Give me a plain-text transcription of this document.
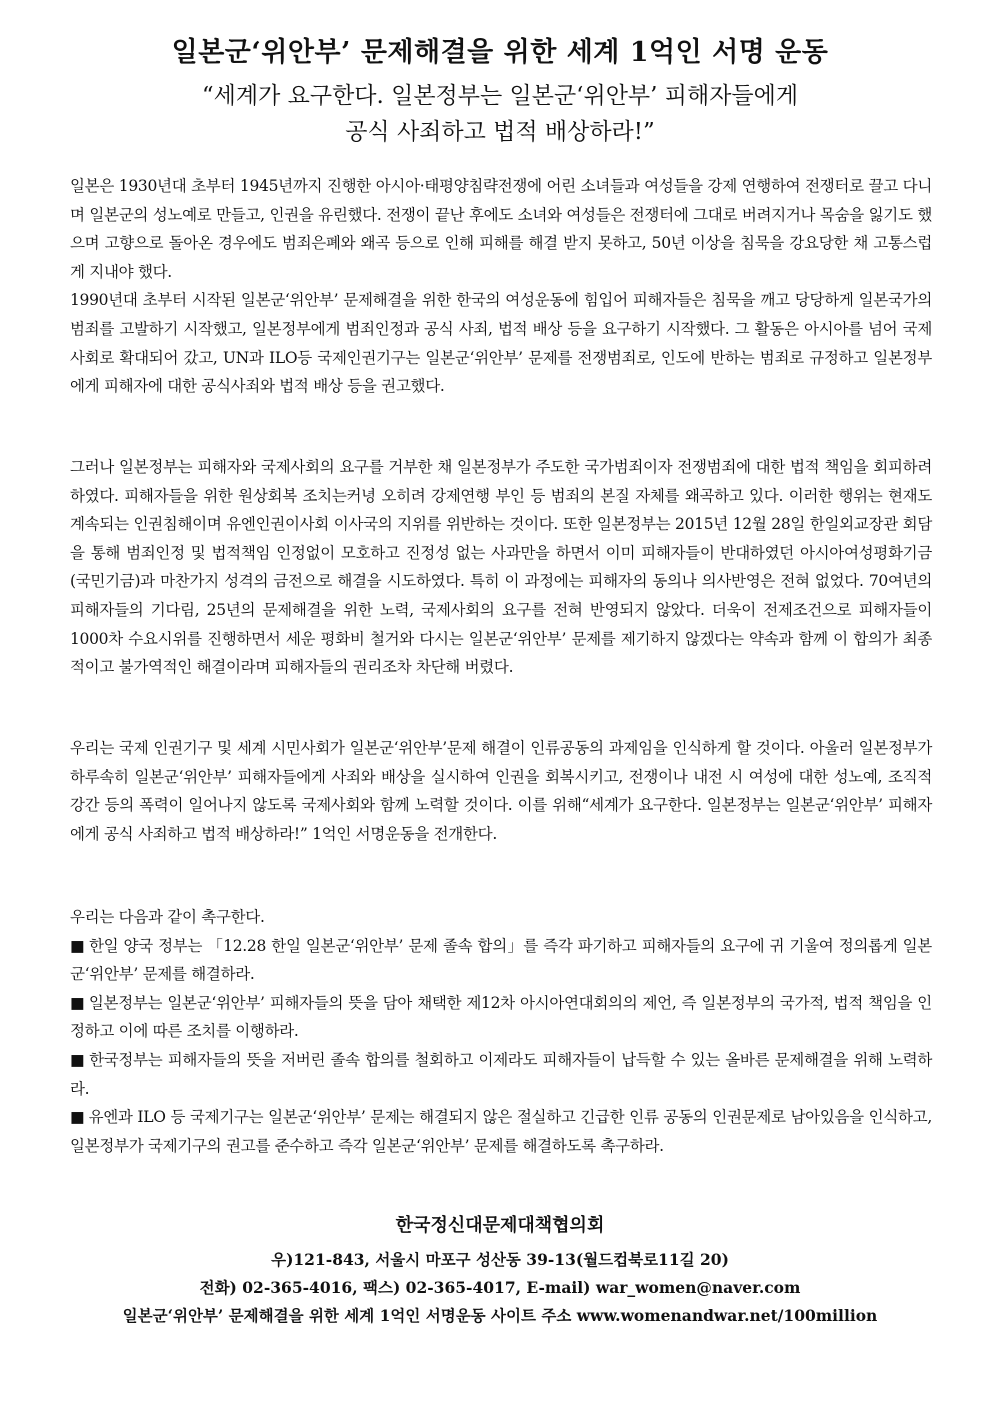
일본군‘위안부’ 문제해결을 위한 세계 1억인 서명 운동
“세계가 요구한다. 일본정부는 일본군‘위안부’ 피해자들에게
공식 사죄하고 법적 배상하라!”

일본은 1930년대 초부터 1945년까지 진행한 아시아·태평양침략전쟁에 어린 소녀들과 여성들을 강제 연행하여 전쟁터로 끌고 다니며 일본군의 성노예로 만들고, 인권을 유린했다. 전쟁이 끝난 후에도 소녀와 여성들은 전쟁터에 그대로 버려지거나 목숨을 잃기도 했으며 고향으로 돌아온 경우에도 범죄은폐와 왜곡 등으로 인해 피해를 해결 받지 못하고, 50년 이상을 침묵을 강요당한 채 고통스럽게 지내야 했다.

1990년대 초부터 시작된 일본군‘위안부’ 문제해결을 위한 한국의 여성운동에 힘입어 피해자들은 침묵을 깨고 당당하게 일본국가의 범죄를 고발하기 시작했고, 일본정부에게 범죄인정과 공식 사죄, 법적 배상 등을 요구하기 시작했다. 그 활동은 아시아를 넘어 국제사회로 확대되어 갔고, UN과 ILO등 국제인권기구는 일본군‘위안부’ 문제를 전쟁범죄로, 인도에 반하는 범죄로 규정하고 일본정부에게 피해자에 대한 공식사죄와 법적 배상 등을 권고했다.

그러나 일본정부는 피해자와 국제사회의 요구를 거부한 채 일본정부가 주도한 국가범죄이자 전쟁범죄에 대한 법적 책임을 회피하려 하였다. 피해자들을 위한 원상회복 조치는커녕 오히려 강제연행 부인 등 범죄의 본질 자체를 왜곡하고 있다. 이러한 행위는 현재도 계속되는 인권침해이며 유엔인권이사회 이사국의 지위를 위반하는 것이다. 또한 일본정부는 2015년 12월 28일 한일외교장관 회담을 통해 범죄인정 및 법적책임 인정없이 모호하고 진정성 없는 사과만을 하면서 이미 피해자들이 반대하였던 아시아여성평화기금(국민기금)과 마찬가지 성격의 금전으로 해결을 시도하였다. 특히 이 과정에는 피해자의 동의나 의사반영은 전혀 없었다. 70여년의 피해자들의 기다림, 25년의 문제해결을 위한 노력, 국제사회의 요구를 전혀 반영되지 않았다. 더욱이 전제조건으로 피해자들이 1000차 수요시위를 진행하면서 세운 평화비 철거와 다시는 일본군‘위안부’ 문제를 제기하지 않겠다는 약속과 함께 이 합의가 최종적이고 불가역적인 해결이라며 피해자들의 권리조차 차단해 버렸다.

우리는 국제 인권기구 및 세계 시민사회가 일본군‘위안부’문제 해결이 인류공동의 과제임을 인식하게 할 것이다. 아울러 일본정부가 하루속히 일본군‘위안부’ 피해자들에게 사죄와 배상을 실시하여 인권을 회복시키고, 전쟁이나 내전 시 여성에 대한 성노예, 조직적 강간 등의 폭력이 일어나지 않도록 국제사회와 함께 노력할 것이다. 이를 위해“세계가 요구한다. 일본정부는 일본군‘위안부’ 피해자에게 공식 사죄하고 법적 배상하라!” 1억인 서명운동을 전개한다.

우리는 다음과 같이 촉구한다.

■ 한일 양국 정부는 「12.28 한일 일본군‘위안부’ 문제 졸속 합의」를 즉각 파기하고 피해자들의 요구에 귀 기울여 정의롭게 일본군‘위안부’ 문제를 해결하라.

■ 일본정부는 일본군‘위안부’ 피해자들의 뜻을 담아 채택한 제12차 아시아연대회의의 제언, 즉 일본정부의 국가적, 법적 책임을 인정하고 이에 따른 조치를 이행하라.

■ 한국정부는 피해자들의 뜻을 저버린 졸속 합의를 철회하고 이제라도 피해자들이 납득할 수 있는 올바른 문제해결을 위해 노력하라.

■ 유엔과 ILO 등 국제기구는 일본군‘위안부’ 문제는 해결되지 않은 절실하고 긴급한 인류 공동의 인권문제로 남아있음을 인식하고, 일본정부가 국제기구의 권고를 준수하고 즉각 일본군‘위안부’ 문제를 해결하도록 촉구하라.

한국정신대문제대책협의회
우)121-843, 서울시 마포구 성산동 39-13(월드컵북로11길 20)
전화) 02-365-4016, 팩스) 02-365-4017, E-mail) war_women@naver.com
일본군‘위안부’ 문제해결을 위한 세계 1억인 서명운동 사이트 주소 www.womenandwar.net/100million
